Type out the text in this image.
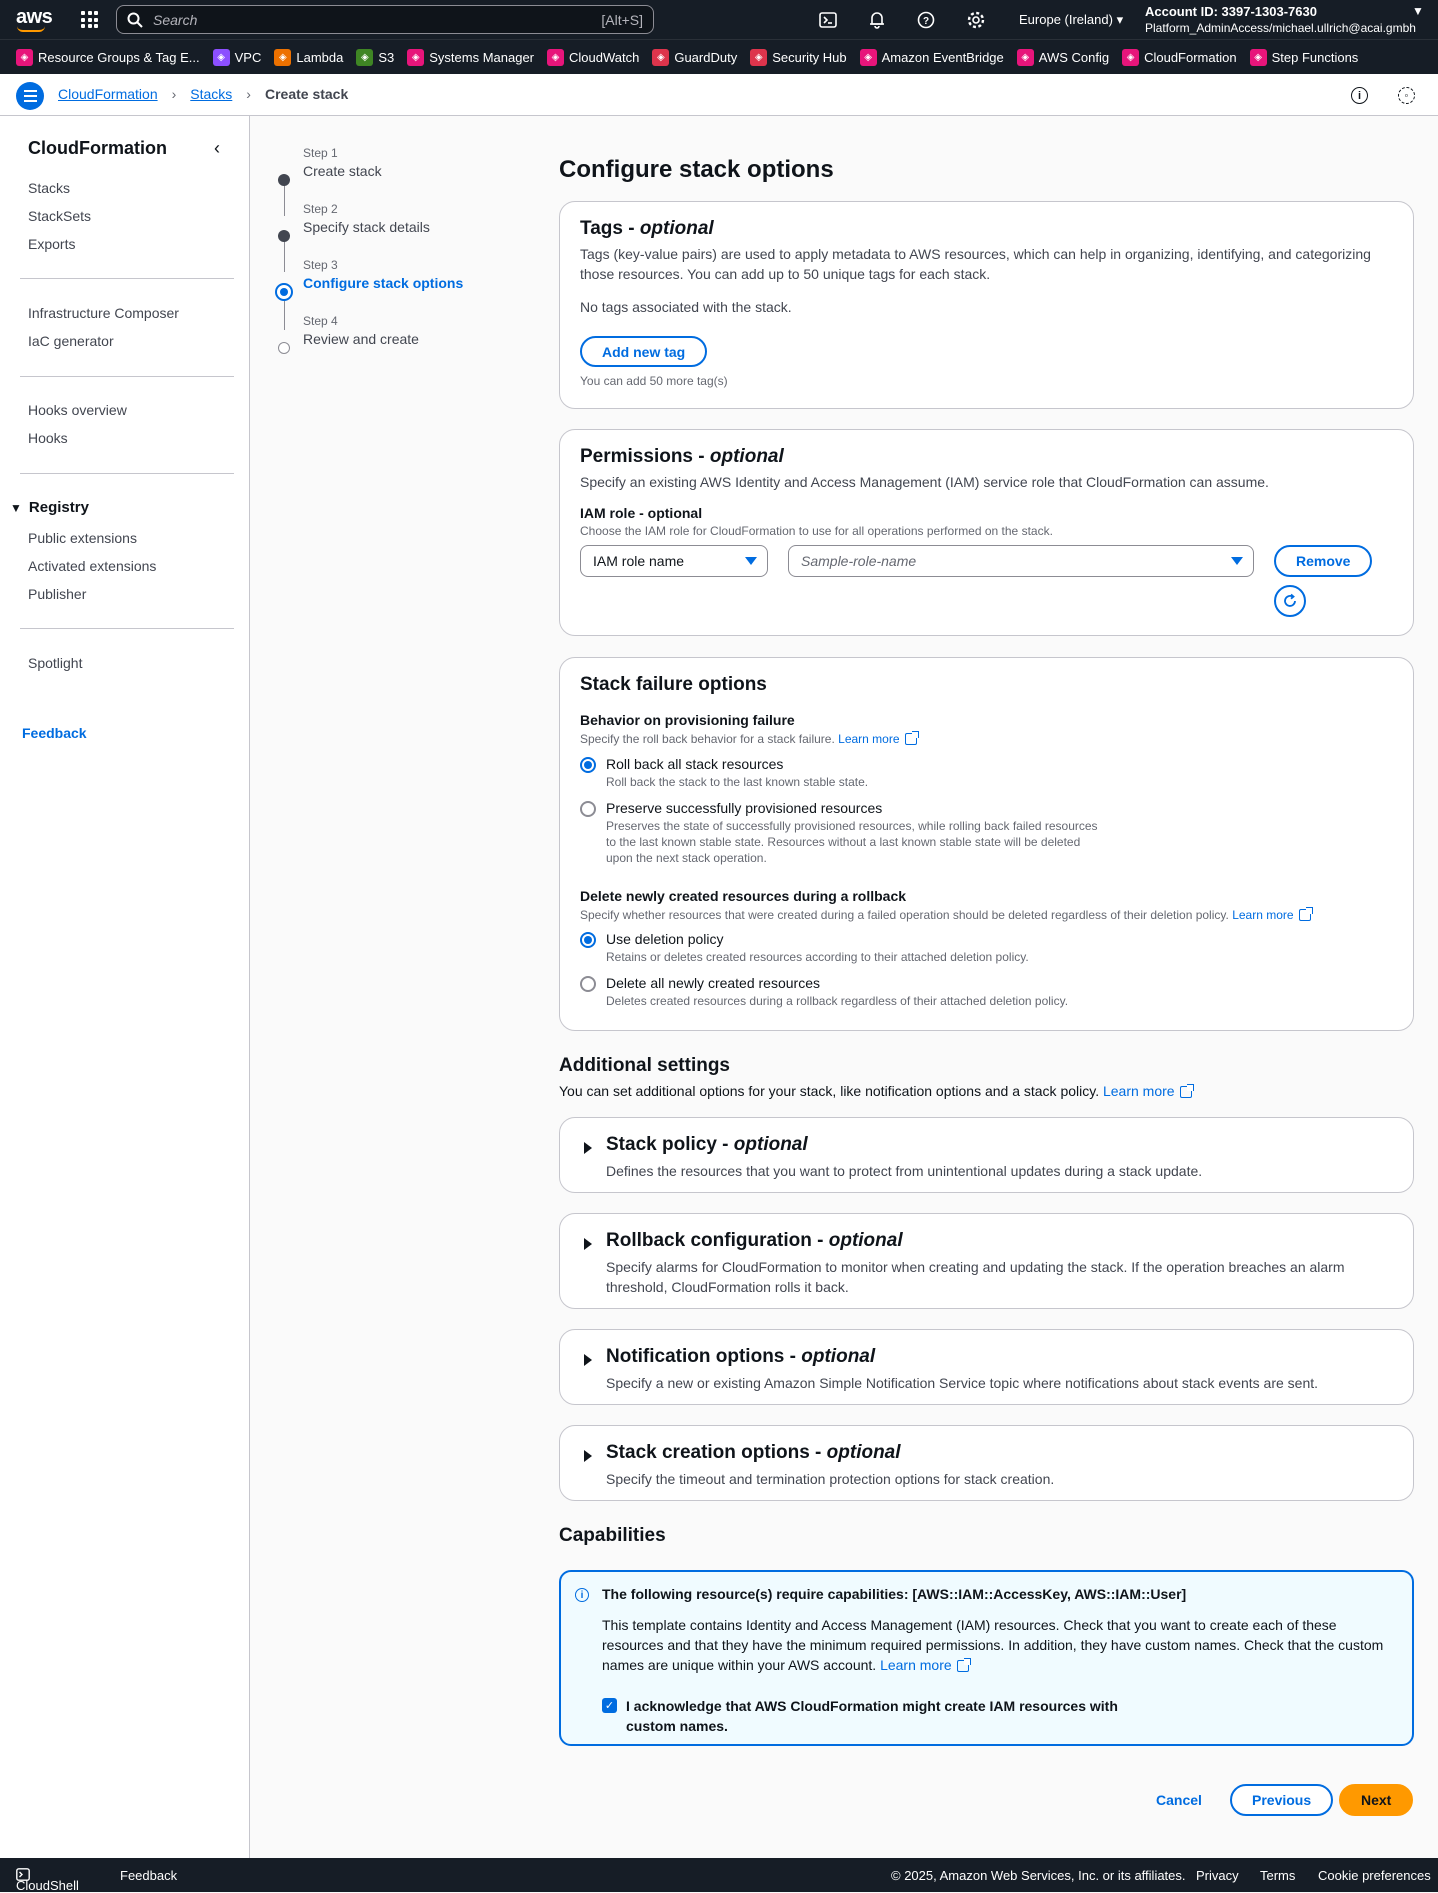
aws	Search	[Alt+S]	?	Europe (Ireland) ▾
Account ID: 3397-1303-7630
Platform_AdminAccess/michael.ullrich@acai.gmbh
▼
◈ Resource Groups & Tag E...	◈ VPC	◈ Lambda	◈ S3	◈ Systems Manager	◈ CloudWatch	◈ GuardDuty	◈ Security Hub	◈ Amazon EventBridge	◈ AWS Config	◈ CloudFormation	◈ Step Functions
CloudFormation › Stacks › Create stack	i	◦
CloudFormation	‹
Stacks
StackSets
Exports
Infrastructure Composer
IaC generator
Hooks overview
Hooks
▼ Registry
Public extensions
Activated extensions
Publisher
Spotlight
Feedback
Step 1
Create stack
Step 2
Specify stack details
Step 3
Configure stack options
Step 4
Review and create
Configure stack options
Tags - optional
Tags (key-value pairs) are used to apply metadata to AWS resources, which can help in organizing, identifying, and categorizing those resources. You can add up to 50 unique tags for each stack.
No tags associated with the stack.
Add new tag
You can add 50 more tag(s)
Permissions - optional
Specify an existing AWS Identity and Access Management (IAM) service role that CloudFormation can assume.
IAM role - optional
Choose the IAM role for CloudFormation to use for all operations performed on the stack.
IAM role name	Sample-role-name	Remove
Stack failure options
Behavior on provisioning failure
Specify the roll back behavior for a stack failure. Learn more
Roll back all stack resources
Roll back the stack to the last known stable state.
Preserve successfully provisioned resources
Preserves the state of successfully provisioned resources, while rolling back failed resources to the last known stable state. Resources without a last known stable state will be deleted upon the next stack operation.
Delete newly created resources during a rollback
Specify whether resources that were created during a failed operation should be deleted regardless of their deletion policy. Learn more
Use deletion policy
Retains or deletes created resources according to their attached deletion policy.
Delete all newly created resources
Deletes created resources during a rollback regardless of their attached deletion policy.
Additional settings
You can set additional options for your stack, like notification options and a stack policy. Learn more
Stack policy - optional
Defines the resources that you want to protect from unintentional updates during a stack update.
Rollback configuration - optional
Specify alarms for CloudFormation to monitor when creating and updating the stack. If the operation breaches an alarm threshold, CloudFormation rolls it back.
Notification options - optional
Specify a new or existing Amazon Simple Notification Service topic where notifications about stack events are sent.
Stack creation options - optional
Specify the timeout and termination protection options for stack creation.
Capabilities
i	The following resource(s) require capabilities: [AWS::IAM::AccessKey, AWS::IAM::User]
This template contains Identity and Access Management (IAM) resources. Check that you want to create each of these resources and that they have the minimum required permissions. In addition, they have custom names. Check that the custom names are unique within your AWS account. Learn more
✓ I acknowledge that AWS CloudFormation might create IAM resources with
custom names.
Cancel	Previous	Next
CloudShell
Feedback	© 2025, Amazon Web Services, Inc. or its affiliates. Privacy Terms Cookie preferences
